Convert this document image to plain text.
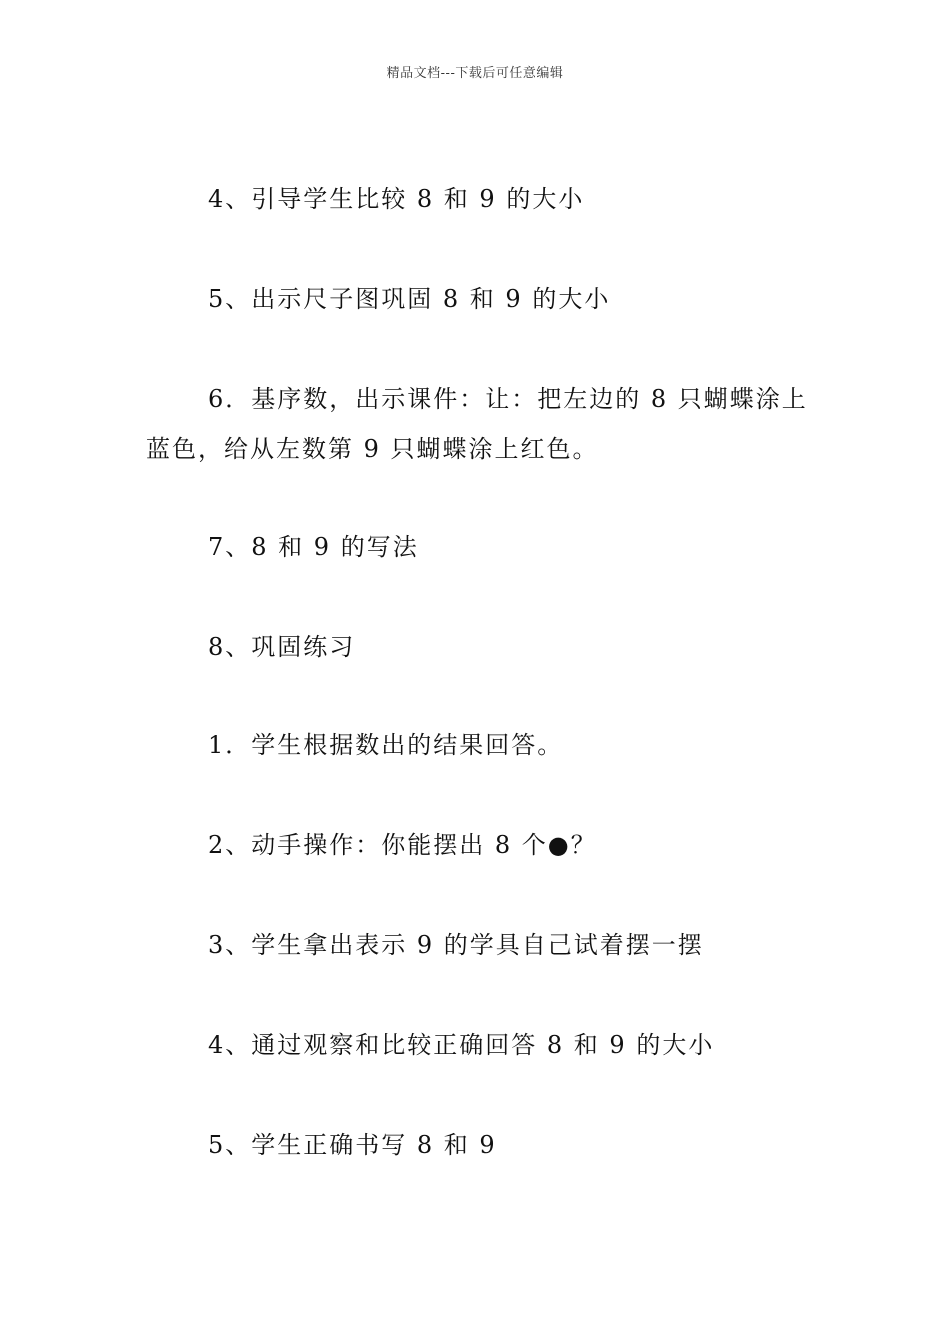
精品文档---下载后可任意编辑
4、引导学生比较 8 和 9 的大小
5、出示尺子图巩固 8 和 9 的大小
6．基序数，出示课件：让：把左边的 8 只蝴蝶涂上蓝色，给从左数第 9 只蝴蝶涂上红色。
7、8 和 9 的写法
8、巩固练习
1．学生根据数出的结果回答。
2、动手操作：你能摆出 8 个●？
3、学生拿出表示 9 的学具自己试着摆一摆
4、通过观察和比较正确回答 8 和 9 的大小
5、学生正确书写 8 和 9
